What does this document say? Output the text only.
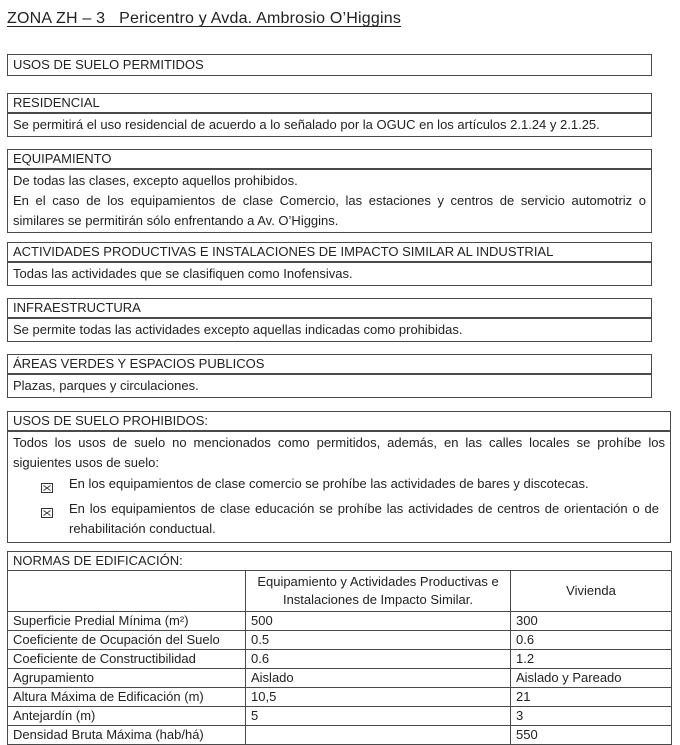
ZONA ZH – 3   Pericentro y Avda. Ambrosio O’Higgins
USOS DE SUELO PERMITIDOS
RESIDENCIAL

Se permitirá el uso residencial de acuerdo a lo señalado por la OGUC en los artículos 2.1.24 y 2.1.25.

EQUIPAMIENTO

De todas las clases, excepto aquellos prohibidos.

En el caso de los equipamientos de clase Comercio, las estaciones y centros de servicio automotriz o similares se permitirán sólo enfrentando a Av. O’Higgins.

ACTIVIDADES PRODUCTIVAS E INSTALACIONES DE IMPACTO SIMILAR AL INDUSTRIAL

Todas las actividades que se clasifiquen como Inofensivas.

INFRAESTRUCTURA

Se permite todas las actividades excepto aquellas indicadas como prohibidas.

ÁREAS VERDES Y ESPACIOS PUBLICOS

Plazas, parques y circulaciones.

USOS DE SUELO PROHIBIDOS:

Todos los usos de suelo no mencionados como permitidos, además, en las calles locales se prohíbe los siguientes usos de suelo:

En los equipamientos de clase comercio se prohíbe las actividades de bares y discotecas.
En los equipamientos de clase educación se prohíbe las actividades de centros de orientación o de rehabilitación conductual.
NORMAS DE EDIFICACIÓN:		
	Equipamiento y Actividades Productivas e Instalaciones de Impacto Similar.	Vivienda
Superficie Predial Mínima (m²)	500	300
Coeficiente de Ocupación del Suelo	0.5	0.6
Coeficiente de Constructibilidad	0.6	1.2
Agrupamiento	Aislado	Aislado y Pareado
Altura Máxima de Edificación (m)	10,5	21
Antejardín (m)	5	3
Densidad Bruta Máxima (hab/há)		550
